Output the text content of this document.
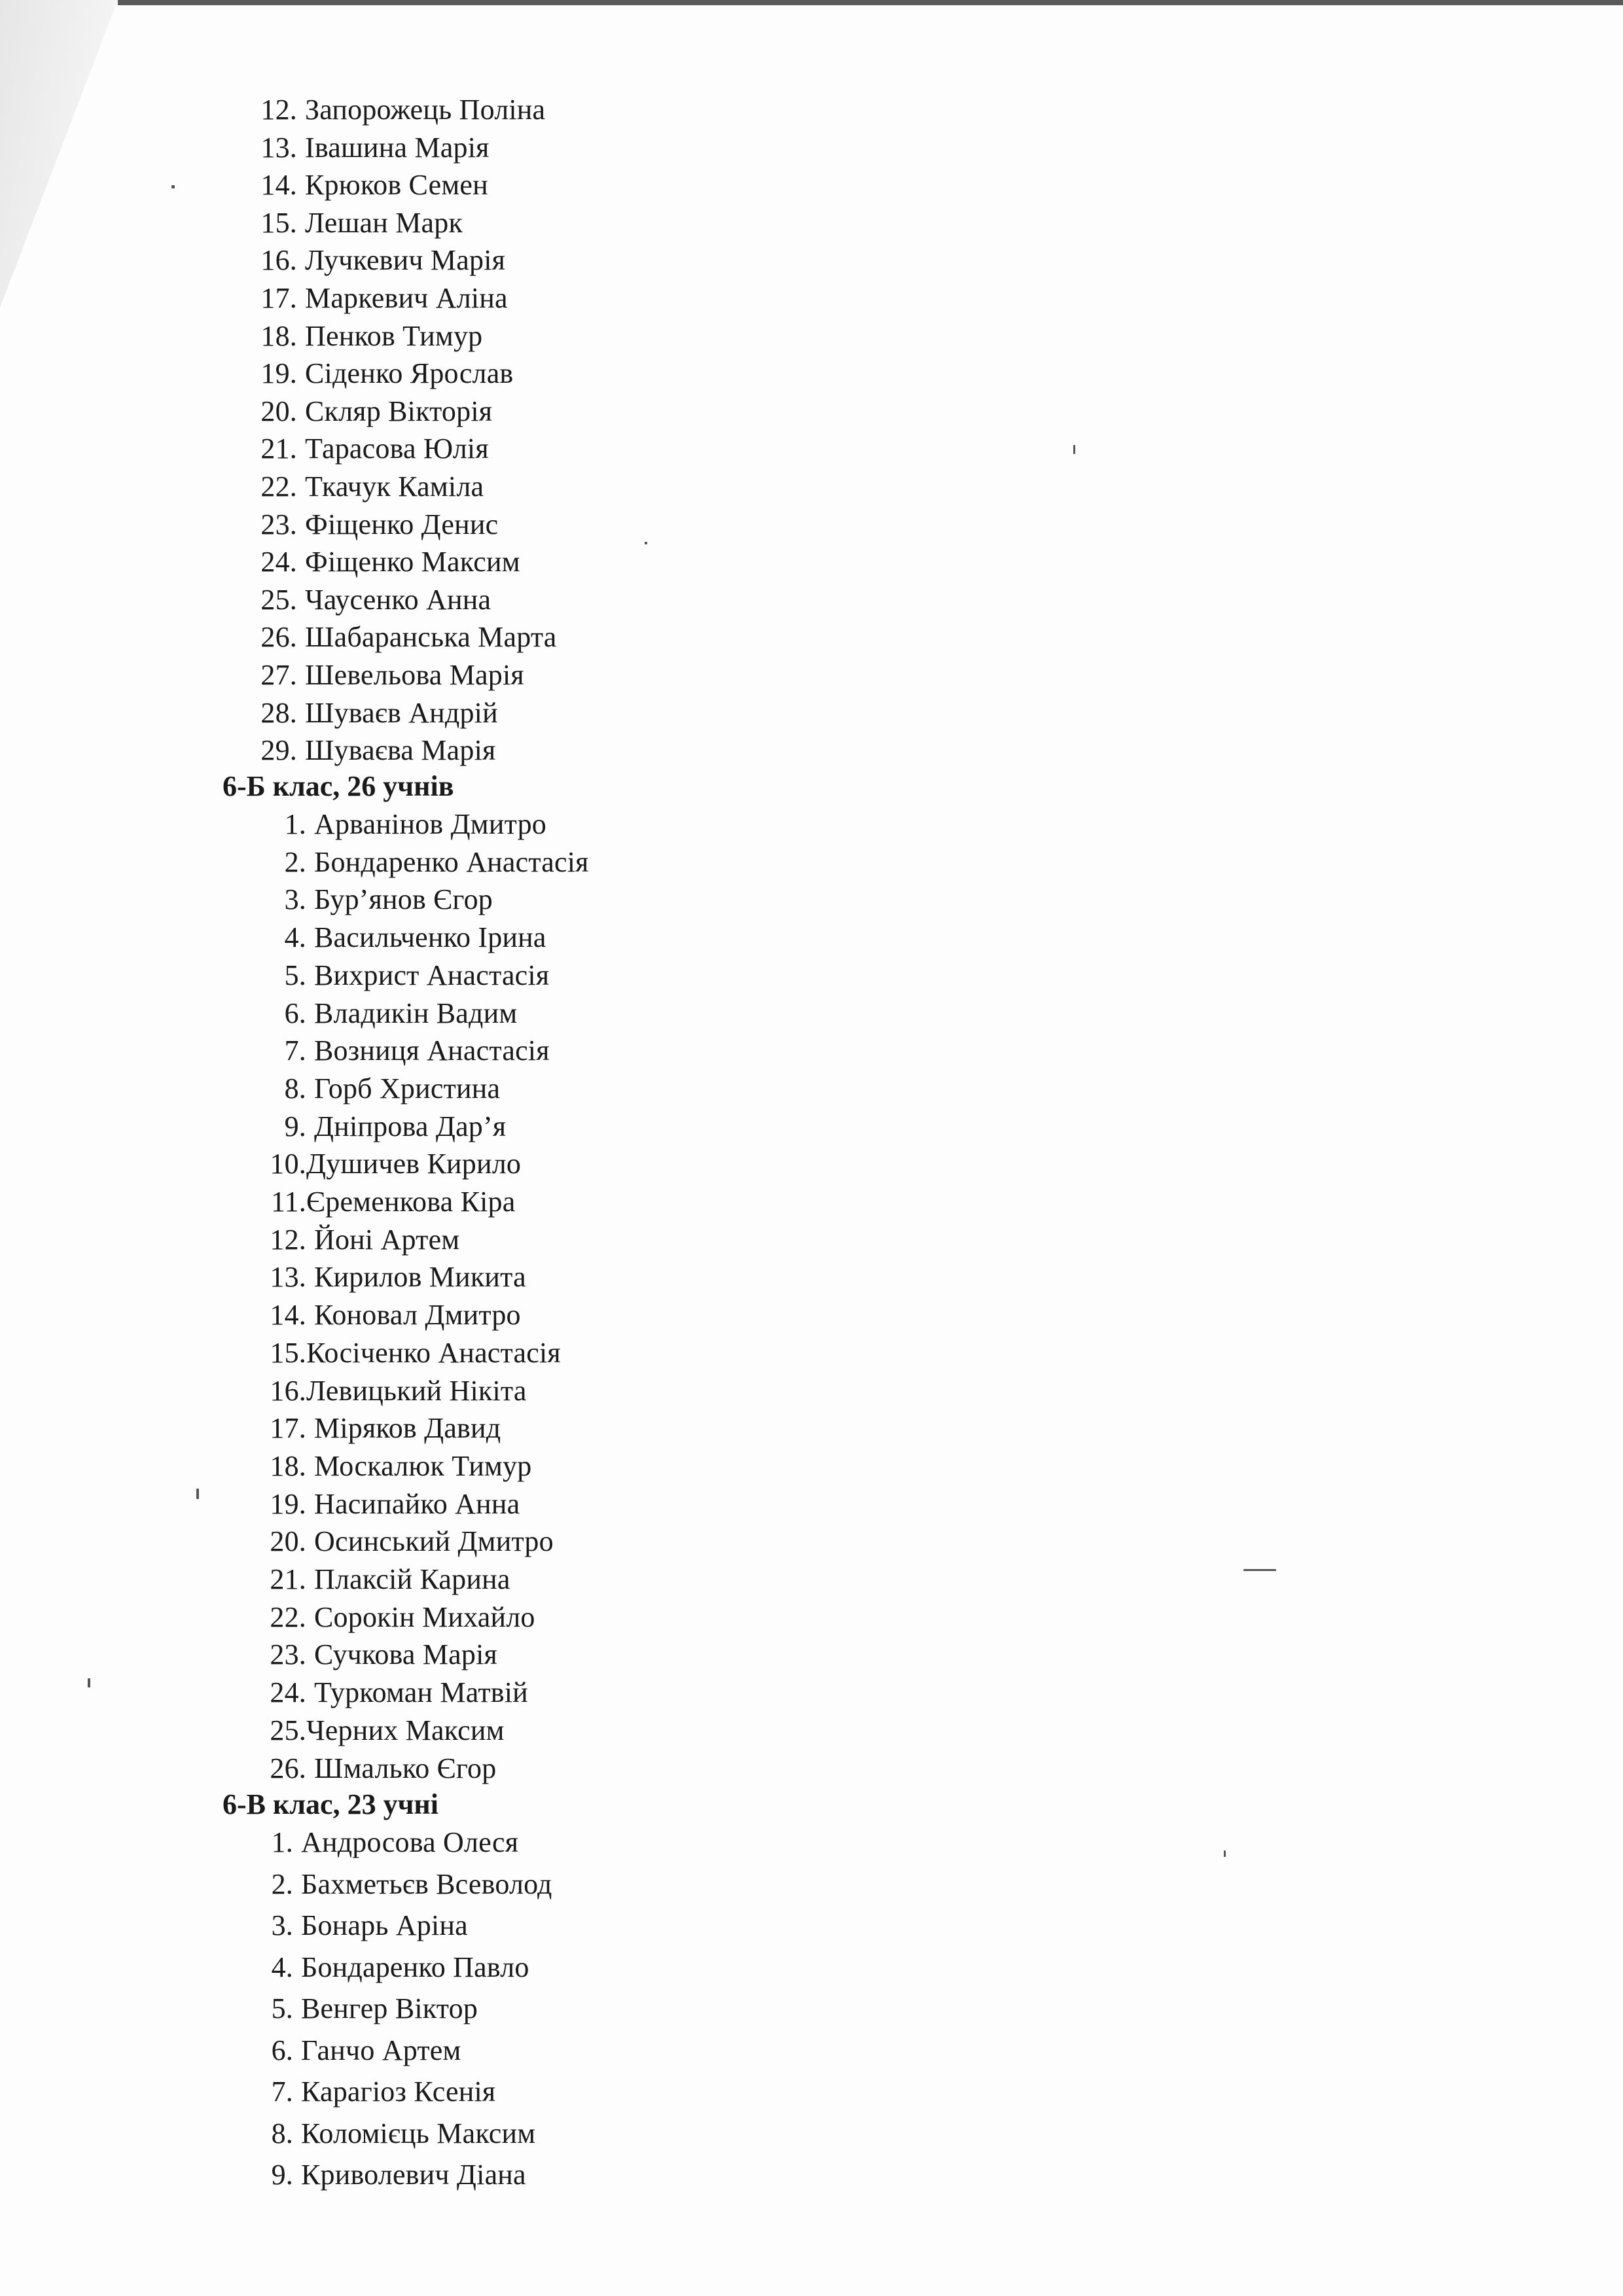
12. Запорожець Поліна
13. Івашина Марія
14. Крюков Семен
15. Лешан Марк
16. Лучкевич Марія
17. Маркевич Аліна
18. Пенков Тимур
19. Сіденко Ярослав
20. Скляр Вікторія
21. Тарасова Юлія
22. Ткачук Каміла
23. Фіщенко Денис
24. Фіщенко Максим
25. Чаусенко Анна
26. Шабаранська Марта
27. Шевельова Марія
28. Шуваєв Андрій
29. Шуваєва Марія
6-Б клас, 26 учнів
1. Арванінов Дмитро
2. Бондаренко Анастасія
3. Бур’янов Єгор
4. Васильченко Ірина
5. Вихрист Анастасія
6. Владикін Вадим
7. Возниця Анастасія
8. Горб Христина
9. Дніпрова Дар’я
10.Душичев Кирило
11.Єременкова Кіра
12. Йоні Артем
13. Кирилов Микита
14. Коновал Дмитро
15.Косіченко Анастасія
16.Левицький Нікіта
17. Міряков Давид
18. Москалюк Тимур
19. Насипайко Анна
20. Осинський Дмитро
21. Плаксій Карина
22. Сорокін Михайло
23. Сучкова Марія
24. Туркоман Матвій
25.Черних Максим
26. Шмалько Єгор
6-В клас, 23 учні
1. Андросова Олеся
2. Бахметьєв Всеволод
3. Бонарь Аріна
4. Бондаренко Павло
5. Венгер Віктор
6. Ганчо Артем
7. Карагіоз Ксенія
8. Коломієць Максим
9. Криволевич Діана
